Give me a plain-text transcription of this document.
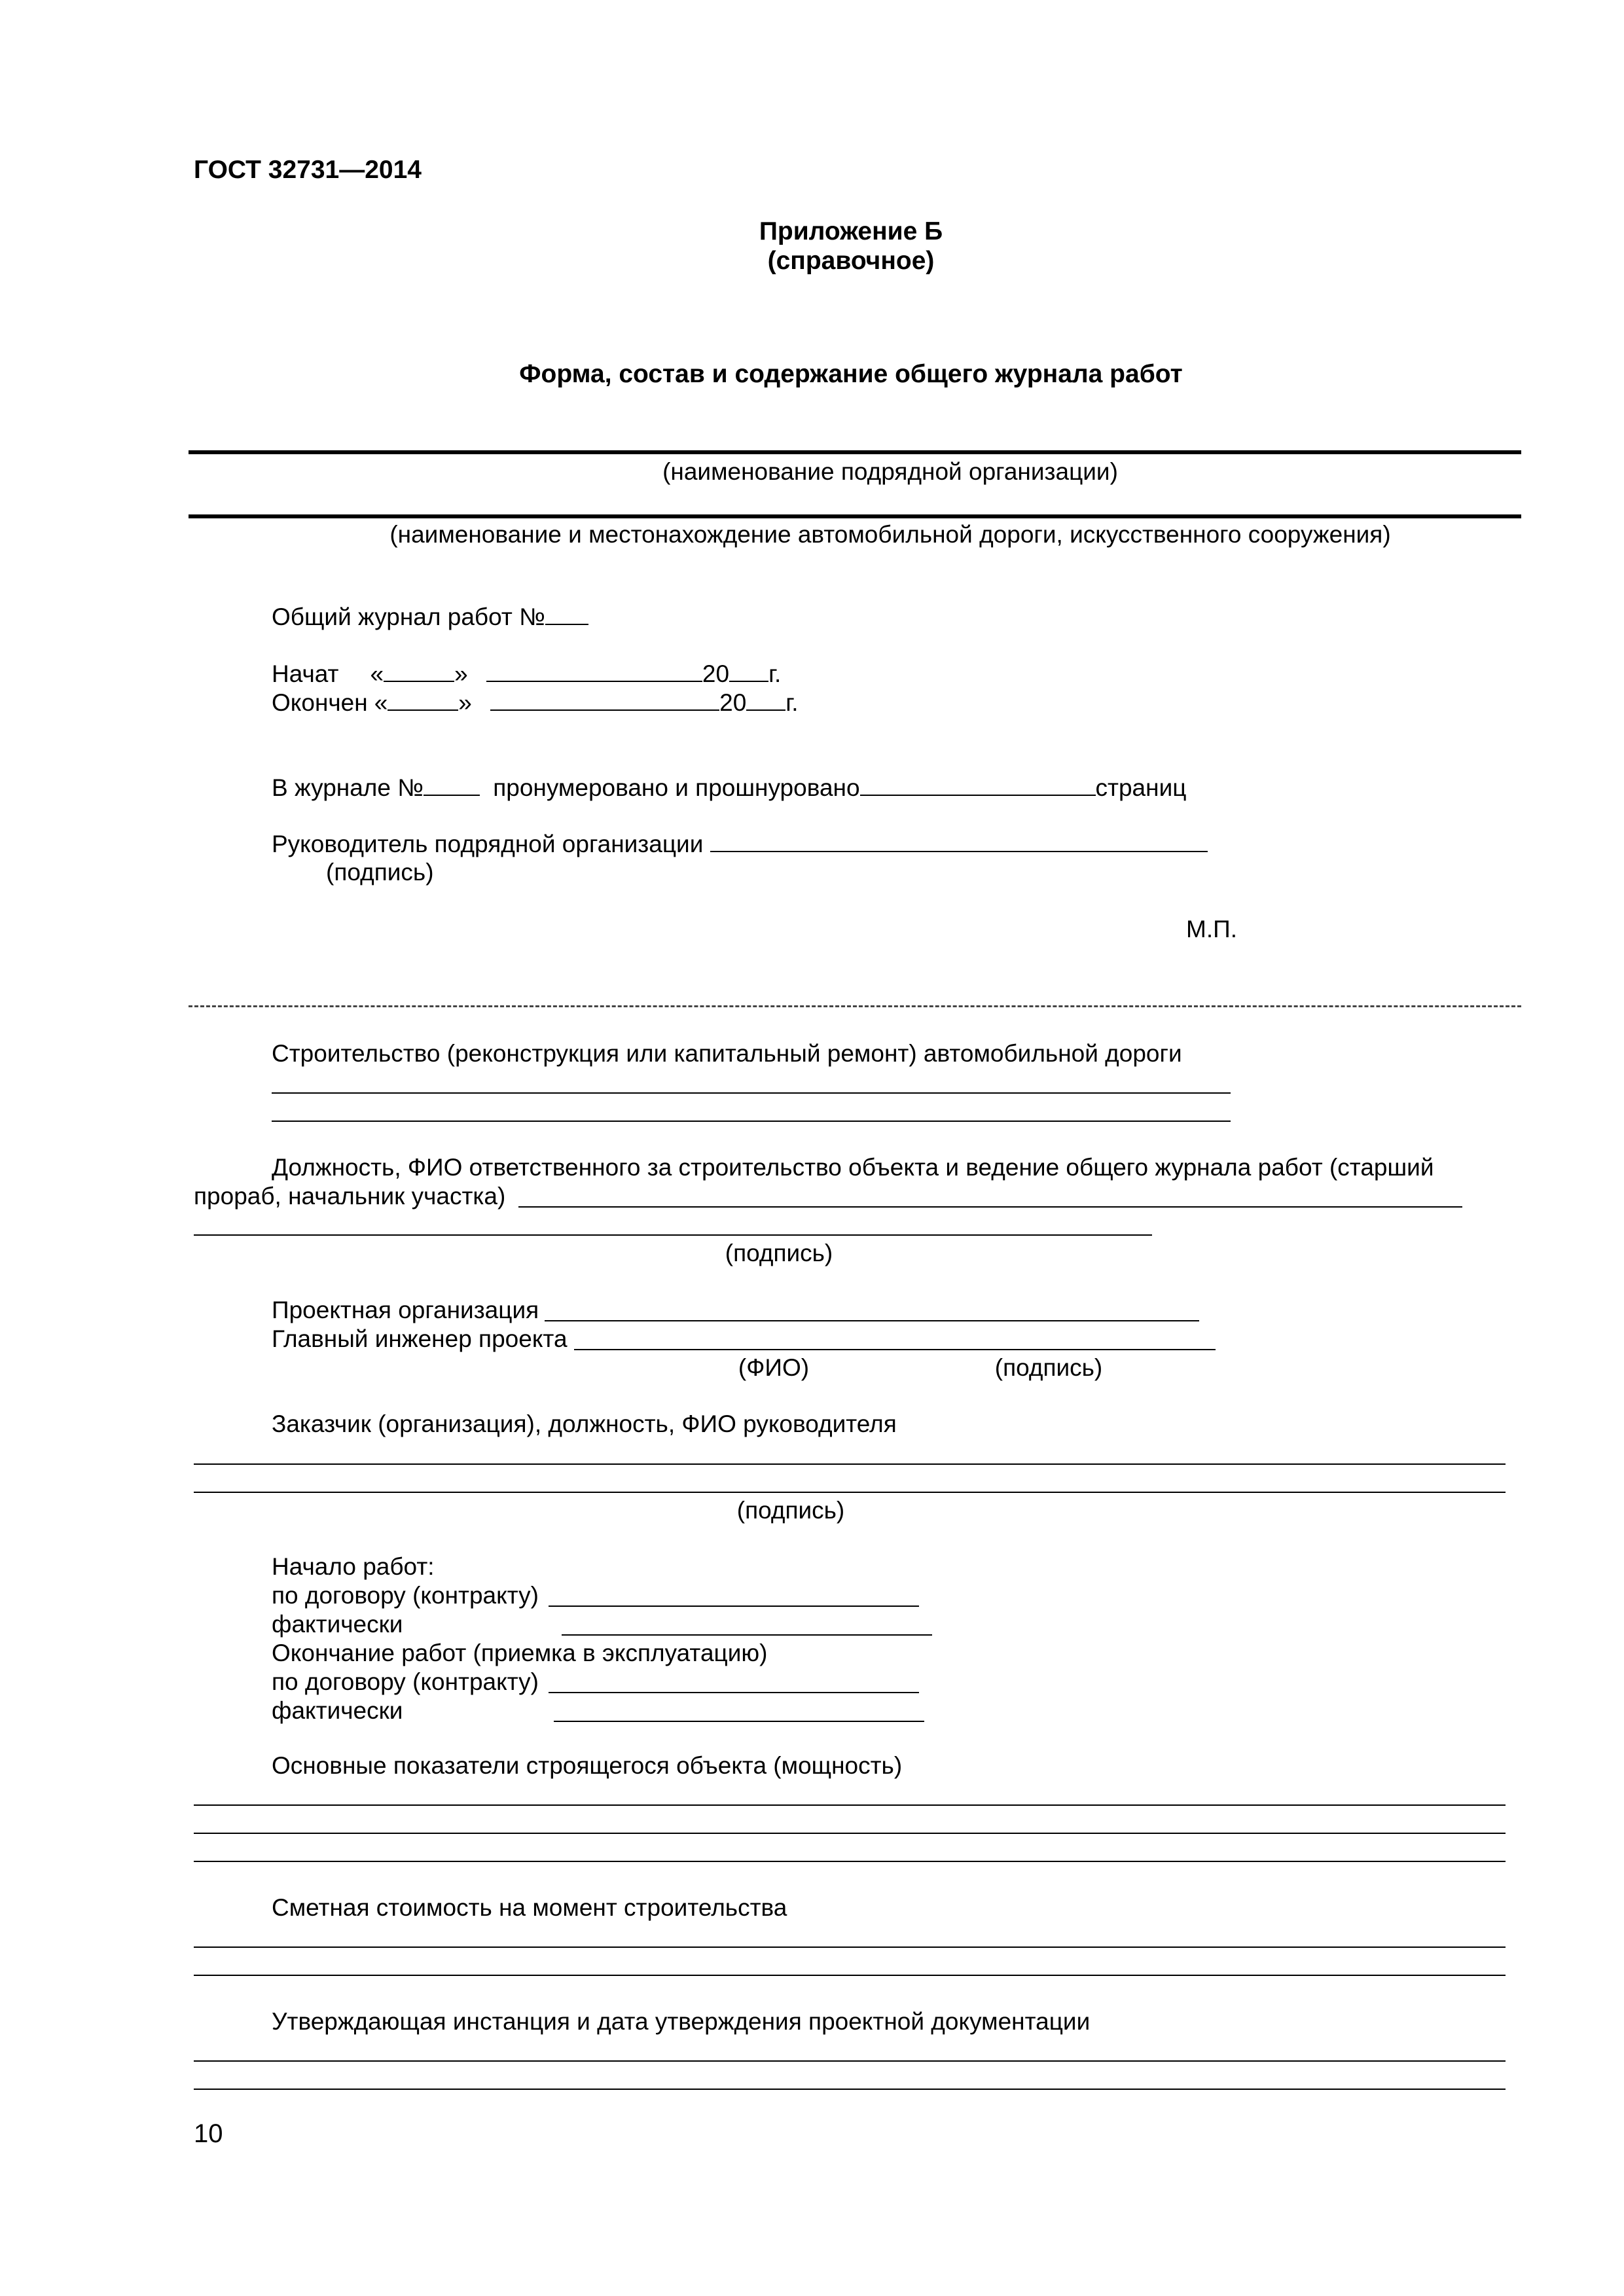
ГОСТ 32731—2014
Приложение Б
(справочное)
Форма, состав и содержание общего журнала работ
(наименование подрядной организации)
(наименование и местонахождение автомобильной дороги, искусственного сооружения)
Общий журнал работ №
Начат «	»	20 г.
Окончен «	»	20 г.
В журнале №	пронумеровано и прошнуровано	страниц
Руководитель подрядной организации
(подпись)
М.П.
Строительство (реконструкция или капитальный ремонт) автомобильной дороги
Должность, ФИО ответственного за строительство объекта и ведение общего журнала работ (старший
прораб, начальник участка)
(подпись)
Проектная организация
Главный инженер проекта
(ФИО)	(подпись)
Заказчик (организация), должность, ФИО руководителя
(подпись)
Начало работ:
по договору (контракту)
фактически
Окончание работ (приемка в эксплуатацию)
по договору (контракту)
фактически
Основные показатели строящегося объекта (мощность)
Сметная стоимость на момент строительства
Утверждающая инстанция и дата утверждения проектной документации
10
